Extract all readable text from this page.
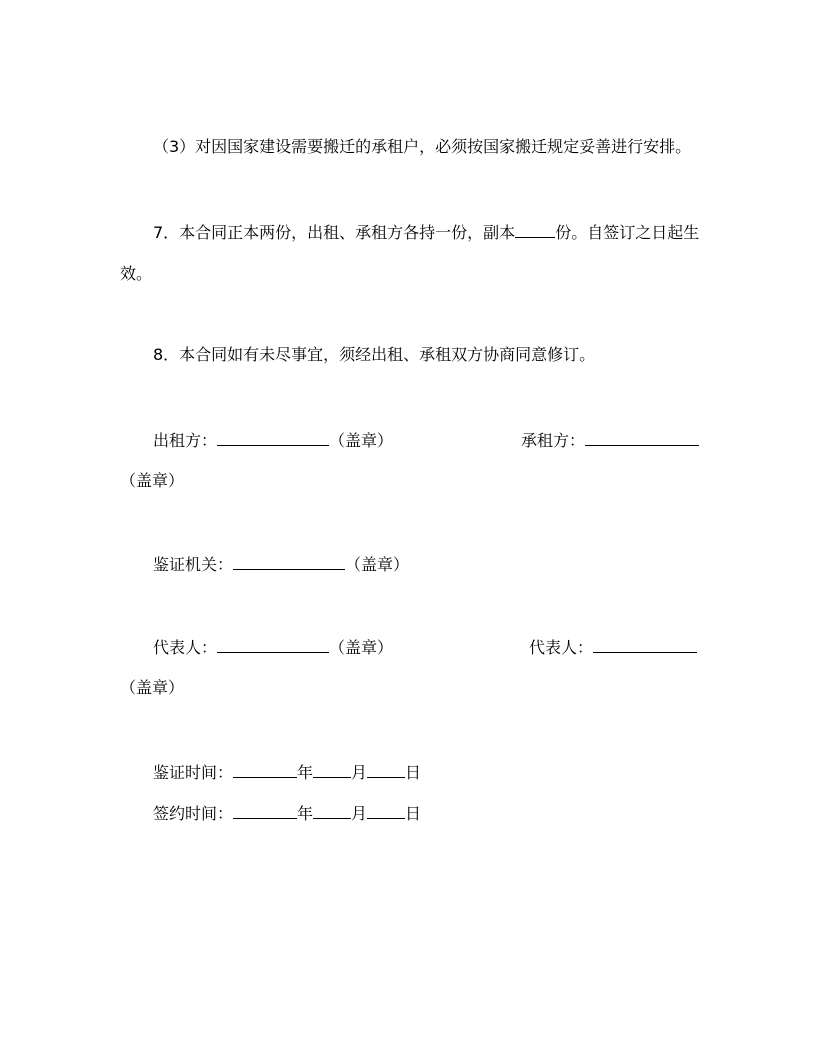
（3）对因国家建设需要搬迁的承租户，必须按国家搬迁规定妥善进行安排。
7．本合同正本两份，出租、承租方各持一份，副本	份。自签订之日起生
效。
8．本合同如有未尽事宜，须经出租、承租双方协商同意修订。
出租方：	（盖章）	承租方：
（盖章）
鉴证机关：	（盖章）
代表人：	（盖章）	代表人：
（盖章）
鉴证时间：	年 月 日
签约时间：	年 月 日
